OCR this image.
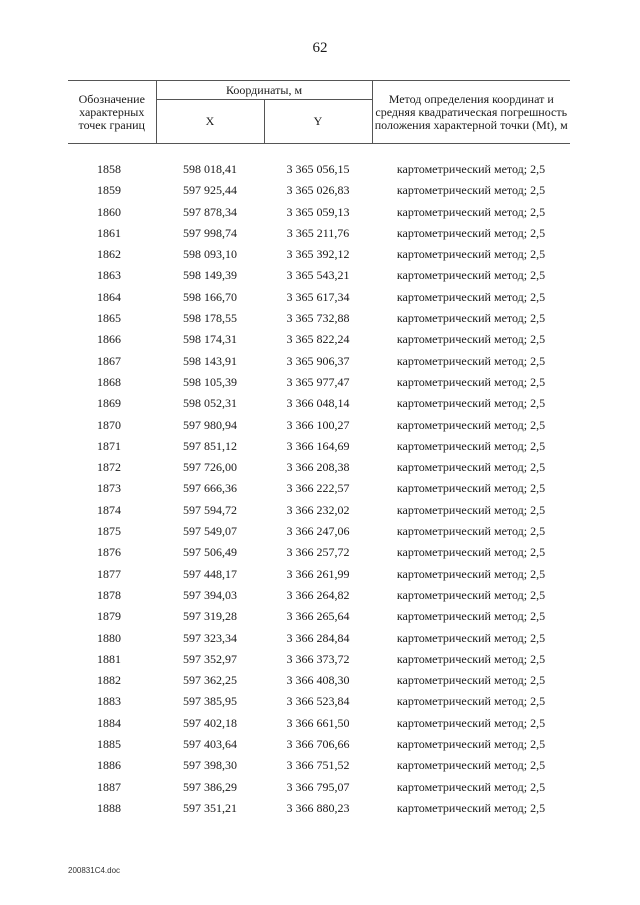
62
Обозначение характерных точек границ	Координаты, м		Метод определения координат и средняя квадратическая погрешность положения характерной точки (Mt), м
	X	Y	

1858	598 018,41	3 365 056,15	картометрический метод; 2,5
1859	597 925,44	3 365 026,83	картометрический метод; 2,5
1860	597 878,34	3 365 059,13	картометрический метод; 2,5
1861	597 998,74	3 365 211,76	картометрический метод; 2,5
1862	598 093,10	3 365 392,12	картометрический метод; 2,5
1863	598 149,39	3 365 543,21	картометрический метод; 2,5
1864	598 166,70	3 365 617,34	картометрический метод; 2,5
1865	598 178,55	3 365 732,88	картометрический метод; 2,5
1866	598 174,31	3 365 822,24	картометрический метод; 2,5
1867	598 143,91	3 365 906,37	картометрический метод; 2,5
1868	598 105,39	3 365 977,47	картометрический метод; 2,5
1869	598 052,31	3 366 048,14	картометрический метод; 2,5
1870	597 980,94	3 366 100,27	картометрический метод; 2,5
1871	597 851,12	3 366 164,69	картометрический метод; 2,5
1872	597 726,00	3 366 208,38	картометрический метод; 2,5
1873	597 666,36	3 366 222,57	картометрический метод; 2,5
1874	597 594,72	3 366 232,02	картометрический метод; 2,5
1875	597 549,07	3 366 247,06	картометрический метод; 2,5
1876	597 506,49	3 366 257,72	картометрический метод; 2,5
1877	597 448,17	3 366 261,99	картометрический метод; 2,5
1878	597 394,03	3 366 264,82	картометрический метод; 2,5
1879	597 319,28	3 366 265,64	картометрический метод; 2,5
1880	597 323,34	3 366 284,84	картометрический метод; 2,5
1881	597 352,97	3 366 373,72	картометрический метод; 2,5
1882	597 362,25	3 366 408,30	картометрический метод; 2,5
1883	597 385,95	3 366 523,84	картометрический метод; 2,5
1884	597 402,18	3 366 661,50	картометрический метод; 2,5
1885	597 403,64	3 366 706,66	картометрический метод; 2,5
1886	597 398,30	3 366 751,52	картометрический метод; 2,5
1887	597 386,29	3 366 795,07	картометрический метод; 2,5
1888	597 351,21	3 366 880,23	картометрический метод; 2,5
200831C4.doc
